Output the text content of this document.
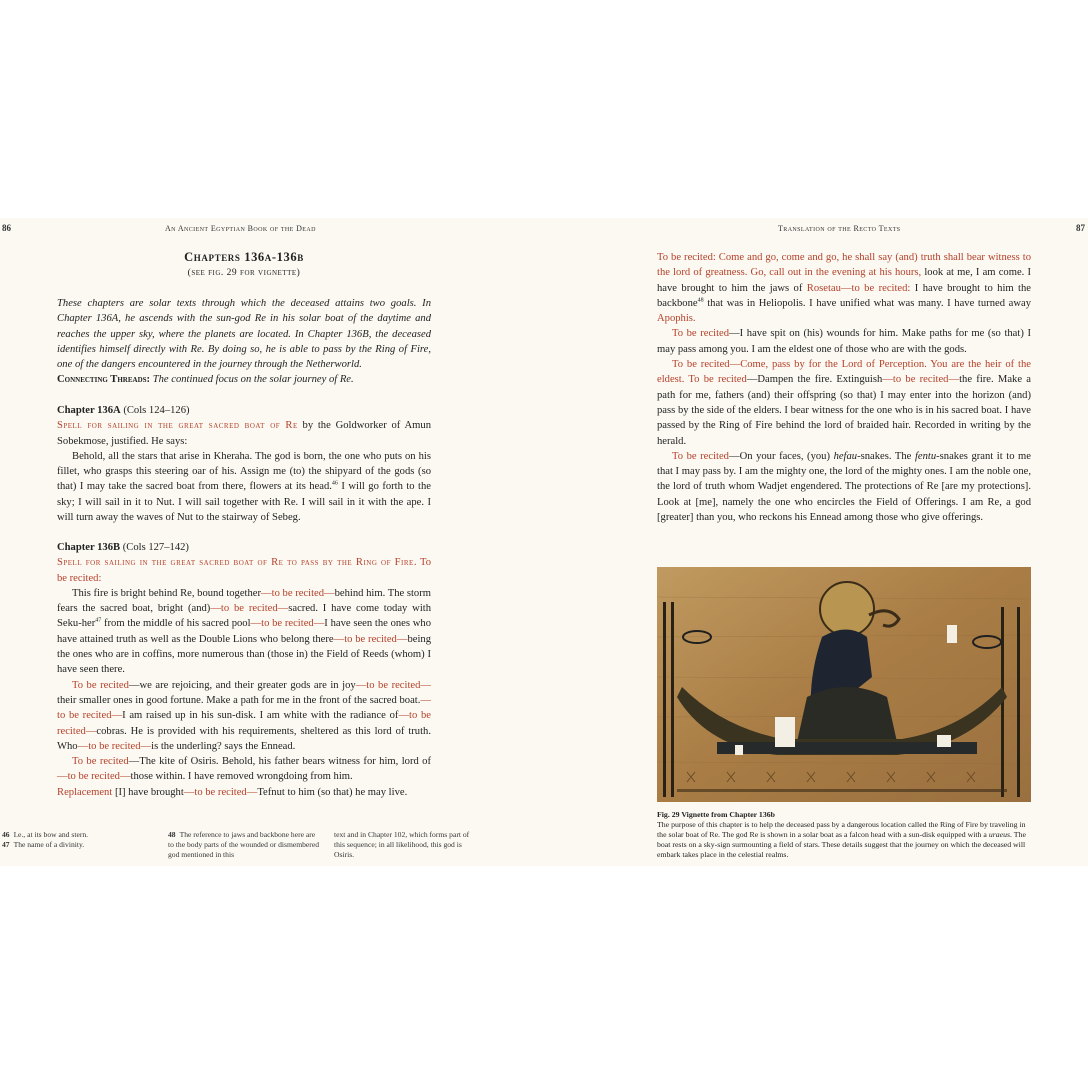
86	An Ancient Egyptian Book of the Dead
Chapters 136a-136b
(see fig. 29 for vignette)
These chapters are solar texts through which the deceased attains two goals. In Chapter 136A, he ascends with the sun-god Re in his solar boat of the daytime and reaches the upper sky, where the planets are located. In Chapter 136B, the deceased identifies himself directly with Re. By doing so, he is able to pass by the Ring of Fire, one of the dangers encountered in the journey through the Netherworld.
Connecting Threads: The continued focus on the solar journey of Re.

Chapter 136A (Cols 124–126)

Spell for sailing in the great sacred boat of Re by the Goldworker of Amun Sobekmose, justified. He says:

Behold, all the stars that arise in Kheraha. The god is born, the one who puts on his fillet, who grasps this steering oar of his. Assign me (to) the shipyard of the gods (so that) I may take the sacred boat from there, flowers at its head.$^{46}$ I will go forth to the sky; I will sail in it to Nut. I will sail together with Re. I will sail in it with the ape. I will turn away the waves of Nut to the stairway of Sebeg.

Chapter 136B (Cols 127–142)

Spell for sailing in the great sacred boat of Re to pass by the Ring of Fire. To be recited:

This fire is bright behind Re, bound together—to be recited—behind him. The storm fears the sacred boat, bright (and)—to be recited—sacred. I have come today with Seku-her$^{47}$ from the middle of his sacred pool—to be recited—I have seen the ones who have attained truth as well as the Double Lions who belong there—to be recited—being the ones who are in coffins, more numerous than (those in) the Field of Reeds (whom) I have seen there.

To be recited—we are rejoicing, and their greater gods are in joy—to be recited—their smaller ones in good fortune. Make a path for me in the front of the sacred boat.—to be recited—I am raised up in his sun-disk. I am white with the radiance of—to be recited—cobras. He is provided with his requirements, sheltered as this lord of truth. Who—to be recited—is the underling? says the Ennead.

To be recited—The kite of Osiris. Behold, his father bears witness for him, lord of—to be recited—those within. I have removed wrongdoing from him.
Replacement [I] have brought—to be recited—Tefnut to him (so that) he may live.

46 I.e., at its bow and stern.
47 The name of a divinity.
48 The reference to jaws and backbone here are to the body parts of the wounded or dismembered god mentioned in this
text and in Chapter 102, which forms part of this sequence; in all likelihood, this god is Osiris.
Translation of the Recto Texts	87

To be recited: Come and go, come and go, he shall say (and) truth shall bear witness to the lord of greatness. Go, call out in the evening at his hours, look at me, I am come. I have brought to him the jaws of Rosetau—to be recited: I have brought to him the backbone$^{48}$ that was in Heliopolis. I have unified what was many. I have turned away Apophis.

To be recited—I have spit on (his) wounds for him. Make paths for me (so that) I may pass among you. I am the eldest one of those who are with the gods.

To be recited—Come, pass by for the Lord of Perception. You are the heir of the eldest. To be recited—Dampen the fire. Extinguish—to be recited—the fire. Make a path for me, fathers (and) their offspring (so that) I may enter into the horizon (and) pass by the side of the elders. I bear witness for the one who is in his sacred boat. I have passed by the Ring of Fire behind the lord of braided hair. Recorded in writing by the herald.

To be recited—On your faces, (you) hefau-snakes. The fentu-snakes grant it to me that I may pass by. I am the mighty one, the lord of the mighty ones. I am the noble one, the lord of truth whom Wadjet engendered. The protections of Re [are my protections]. Look at [me], namely the one who encircles the Field of Offerings. I am Re, a god [greater] than you, who reckons his Ennead among those who give offerings.

Fig. 29 Vignette from Chapter 136b
The purpose of this chapter is to help the deceased pass by a dangerous location called the Ring of Fire by traveling in the solar boat of Re. The god Re is shown in a solar boat as a falcon head with a sun-disk equipped with a uraeus. The boat rests on a sky-sign surmounting a field of stars. These details suggest that the journey on which the deceased will embark takes place in the celestial realms.
